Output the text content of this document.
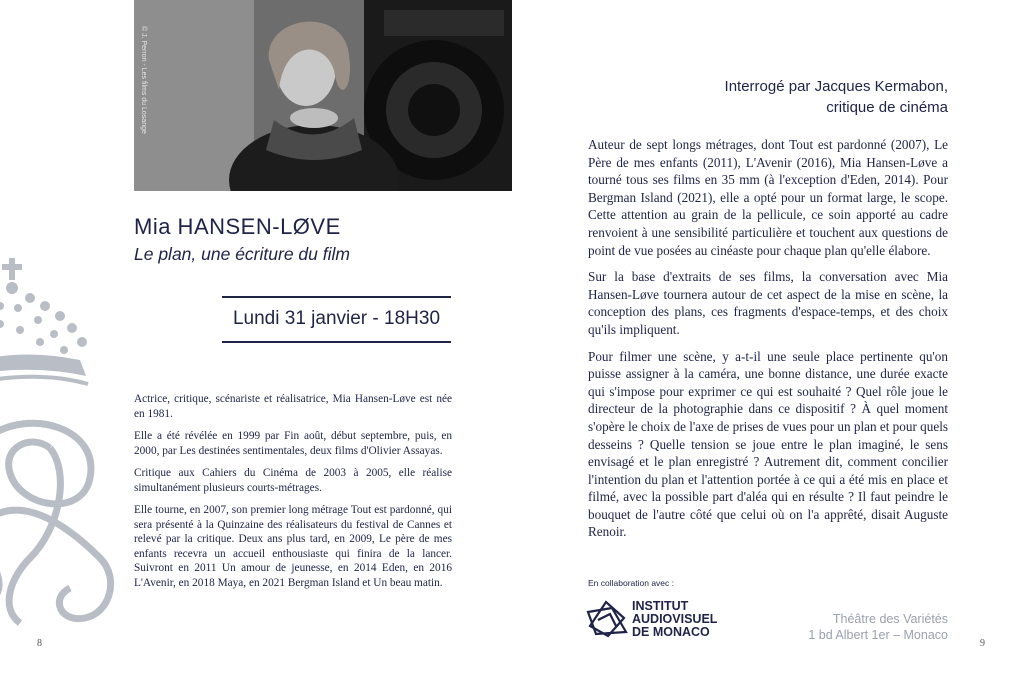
© J. Perron - Les films du Losange
Mia HANSEN-LØVE
Le plan, une écriture du film
Lundi 31 janvier - 18H30

Actrice, critique, scénariste et réalisatrice, Mia Hansen-Løve est née en 1981.

Elle a été révélée en 1999 par Fin août, début septembre, puis, en 2000, par Les destinées sentimentales, deux films d'Olivier Assayas.

Critique aux Cahiers du Cinéma de 2003 à 2005, elle réalise simultanément plusieurs courts-métrages.

Elle tourne, en 2007, son premier long métrage Tout est pardonné, qui sera présenté à la Quinzaine des réalisateurs du festival de Cannes et relevé par la critique. Deux ans plus tard, en 2009, Le père de mes enfants recevra un accueil enthousiaste qui finira de la lancer. Suivront en 2011 Un amour de jeunesse, en 2014 Eden, en 2016 L'Avenir, en 2018 Maya, en 2021 Bergman Island et Un beau matin.

8
Interrogé par Jacques Kermabon,
critique de cinéma

Auteur de sept longs métrages, dont Tout est pardonné (2007), Le Père de mes enfants (2011), L'Avenir (2016), Mia Hansen-Løve a tourné tous ses films en 35 mm (à l'exception d'Eden, 2014). Pour Bergman Island (2021), elle a opté pour un format large, le scope. Cette attention au grain de la pellicule, ce soin apporté au cadre renvoient à une sensibilité particulière et touchent aux questions de point de vue posées au cinéaste pour chaque plan qu'elle élabore.

Sur la base d'extraits de ses films, la conversation avec Mia Hansen-Løve tournera autour de cet aspect de la mise en scène, la conception des plans, ces fragments d'espace-temps, et des choix qu'ils impliquent.

Pour filmer une scène, y a-t-il une seule place pertinente qu'on puisse assigner à la caméra, une bonne distance, une durée exacte qui s'impose pour exprimer ce qui est souhaité ? Quel rôle joue le directeur de la photographie dans ce dispositif ? À quel moment s'opère le choix de l'axe de prises de vues pour un plan et pour quels desseins ? Quelle tension se joue entre le plan imaginé, le sens envisagé et le plan enregistré ? Autrement dit, comment concilier l'intention du plan et l'attention portée à ce qui a été mis en place et filmé, avec la possible part d'aléa qui en résulte ? Il faut peindre le bouquet de l'autre côté que celui où on l'a apprêté, disait Auguste Renoir.

En collaboration avec :
INSTITUT
AUDIOVISUEL
DE MONACO
Théâtre des Variétés
1 bd Albert 1er – Monaco
9
